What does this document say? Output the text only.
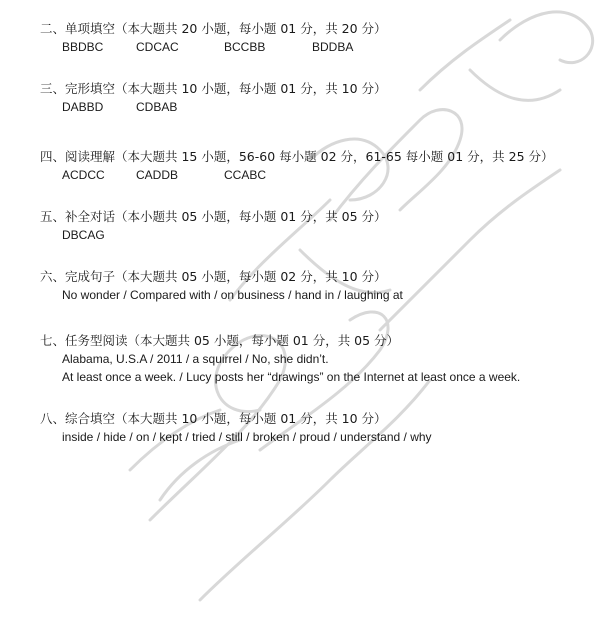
二、单项填空（本大题共 20 小题，每小题 01 分，共 20 分）
BBDBC	CDCAC	BCCBB	BDDBA
三、完形填空（本大题共 10 小题，每小题 01 分，共 10 分）
DABBD	CDBAB
四、阅读理解（本大题共 15 小题，56-60 每小题 02 分，61-65 每小题 01 分，共 25 分）
ACDCC	CADDB	CCABC
五、补全对话（本小题共 05 小题，每小题 01 分，共 05 分）
DBCAG
六、完成句子（本大题共 05 小题，每小题 02 分，共 10 分）
No wonder / Compared with / on business / hand in / laughing at
七、任务型阅读（本大题共 05 小题，每小题 01 分，共 05 分）
Alabama, U.S.A / 2011 / a squirrel / No, she didn’t.
At least once a week. / Lucy posts her “drawings” on the Internet at least once a week.
八、综合填空（本大题共 10 小题，每小题 01 分，共 10 分）
inside / hide / on / kept / tried / still / broken / proud / understand / why
